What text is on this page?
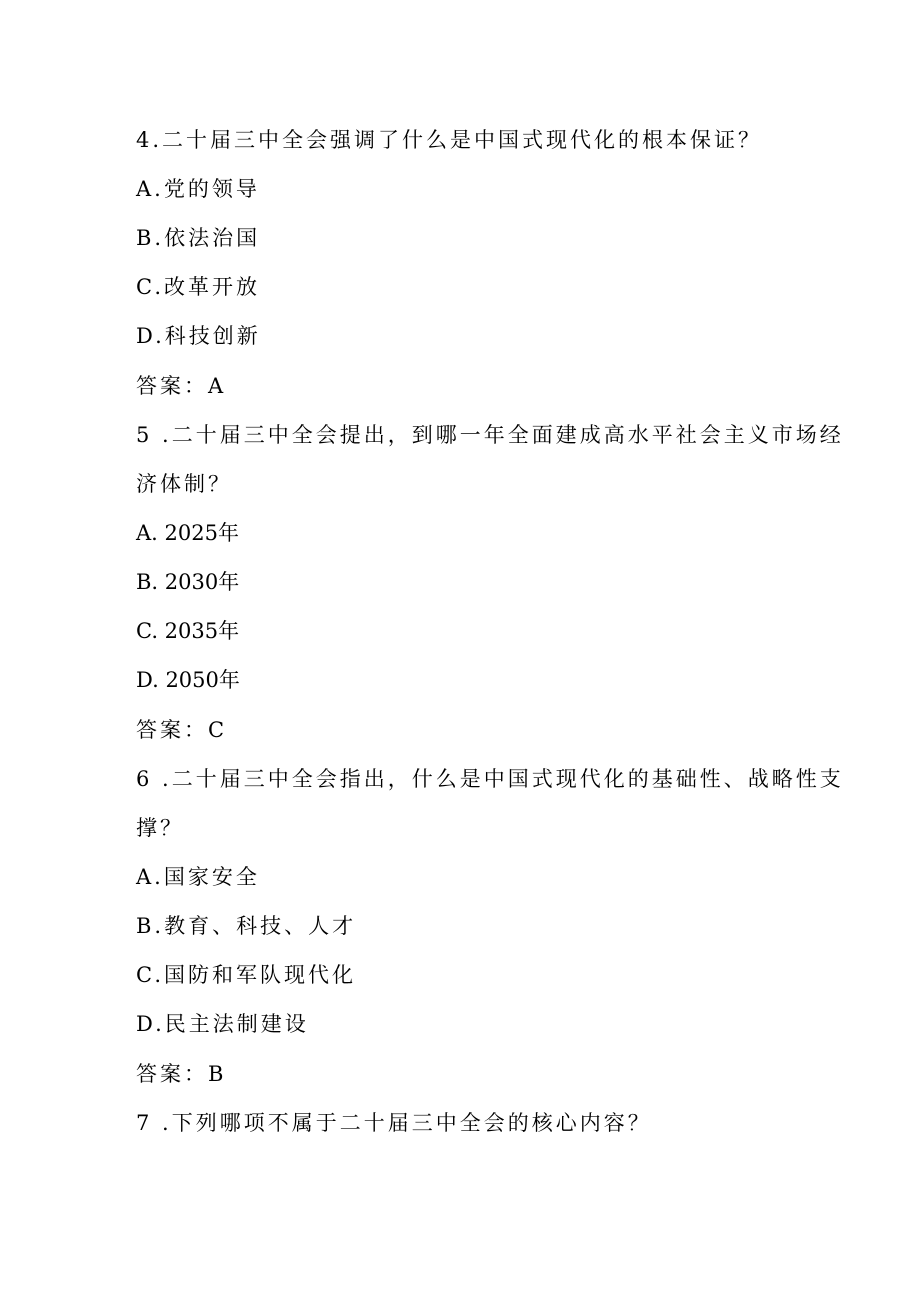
4.二十届三中全会强调了什么是中国式现代化的根本保证？
A.党的领导
B.依法治国
C.改革开放
D.科技创新
答案：A
5 .二十届三中全会提出，到哪一年全面建成高水平社会主义市场经
济体制？
A. 2025年
B. 2030年
C. 2035年
D. 2050年
答案：C
6 .二十届三中全会指出，什么是中国式现代化的基础性、战略性支
撑？
A.国家安全
B.教育、科技、人才
C.国防和军队现代化
D.民主法制建设
答案：B
7 .下列哪项不属于二十届三中全会的核心内容？
